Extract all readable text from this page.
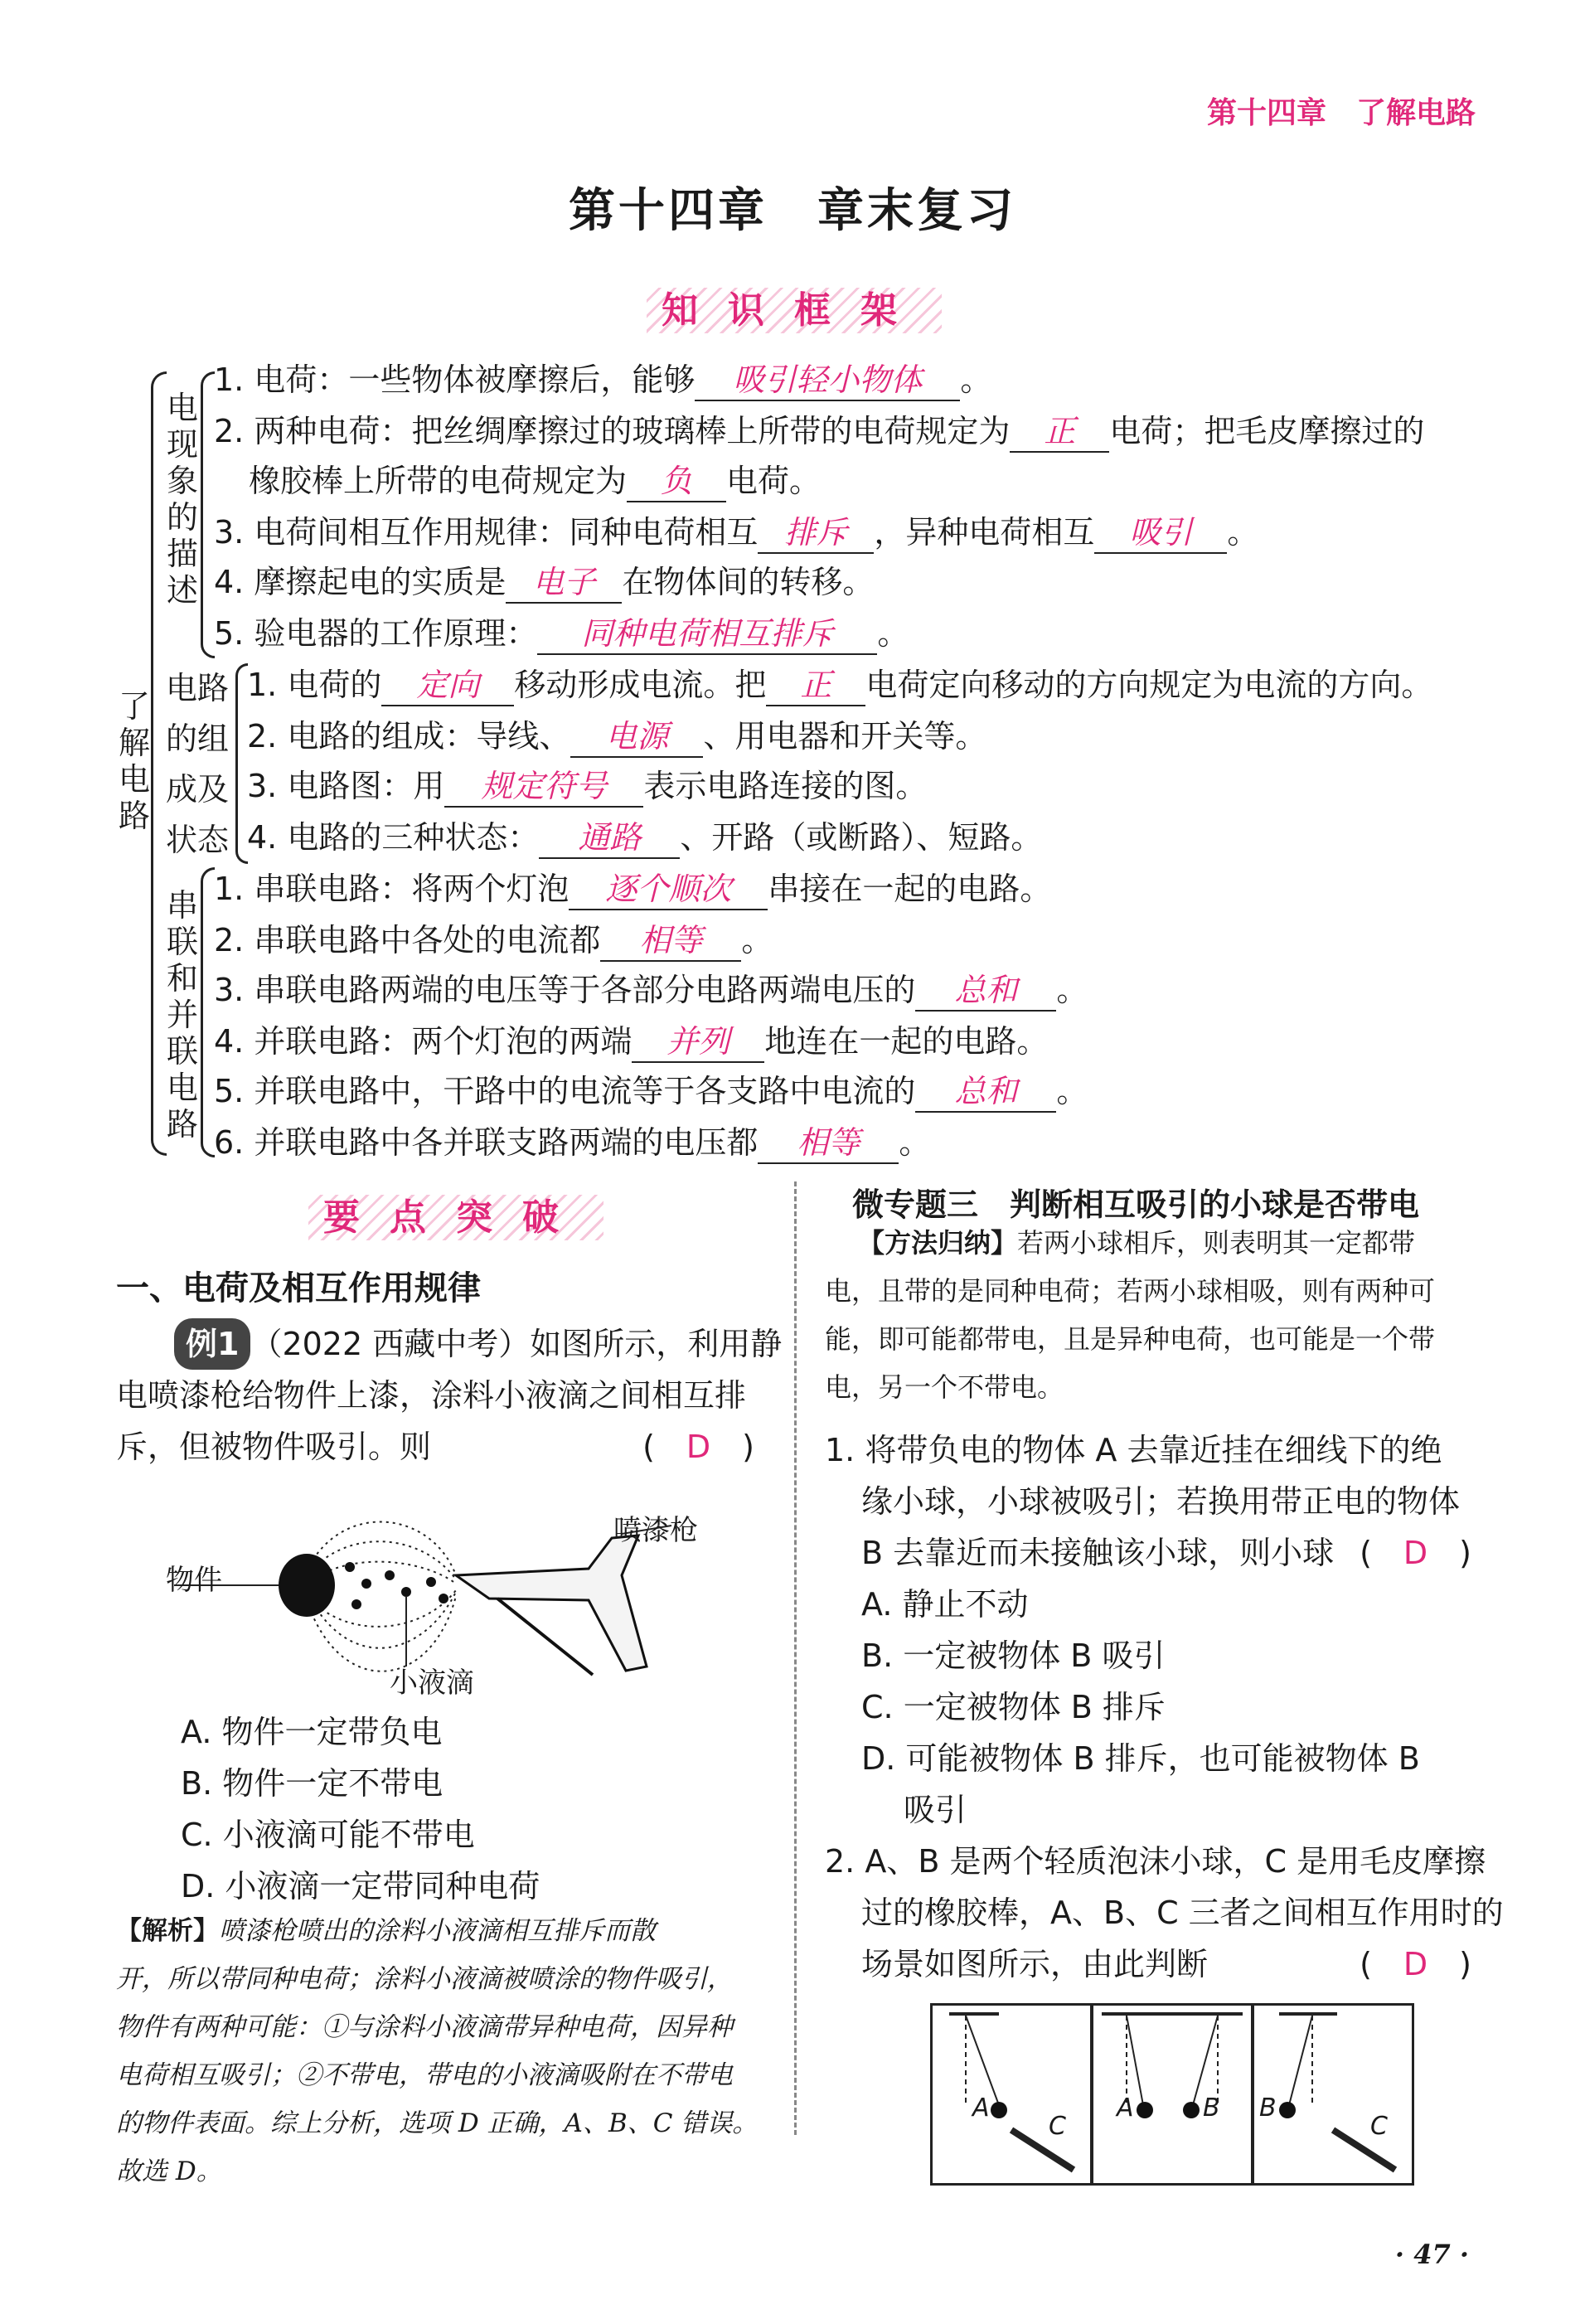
第十四章　了解电路
第十四章　章末复习
知识框架
了解电路
电现象的描述
电路的组成及状态
串联和并联电路
1. 电荷：一些物体被摩擦后，能够 吸引轻小物体 。
2. 两种电荷：把丝绸摩擦过的玻璃棒上所带的电荷规定为 正 电荷；把毛皮摩擦过的
橡胶棒上所带的电荷规定为 负 电荷。
3. 电荷间相互作用规律：同种电荷相互 排斥 ，异种电荷相互 吸引 。
4. 摩擦起电的实质是 电子 在物体间的转移。
5. 验电器的工作原理： 同种电荷相互排斥 。
1. 电荷的 定向 移动形成电流。把 正 电荷定向移动的方向规定为电流的方向。
2. 电路的组成：导线、 电源 、用电器和开关等。
3. 电路图：用 规定符号 表示电路连接的图。
4. 电路的三种状态： 通路 、开路（或断路）、短路。
1. 串联电路：将两个灯泡 逐个顺次 串接在一起的电路。
2. 串联电路中各处的电流都 相等 。
3. 串联电路两端的电压等于各部分电路两端电压的 总和 。
4. 并联电路：两个灯泡的两端 并列 地连在一起的电路。
5. 并联电路中，干路中的电流等于各支路中电流的 总和 。
6. 并联电路中各并联支路两端的电压都 相等 。
要点突破
一、电荷及相互作用规律
例1 （2022 西藏中考）如图所示，利用静
电喷漆枪给物件上漆，涂料小液滴之间相互排
斥，但被物件吸引。则	(　D　)
喷漆枪
物件
小液滴
A. 物件一定带负电
B. 物件一定不带电
C. 小液滴可能不带电
D. 小液滴一定带同种电荷
【解析】喷漆枪喷出的涂料小液滴相互排斥而散
开，所以带同种电荷；涂料小液滴被喷涂的物件吸引，
物件有两种可能：①与涂料小液滴带异种电荷，因异种
电荷相互吸引；②不带电，带电的小液滴吸附在不带电
的物件表面。综上分析，选项 D 正确，A、B、C 错误。
故选 D。
微专题三　判断相互吸引的小球是否带电
【方法归纳】若两小球相斥，则表明其一定都带
电，且带的是同种电荷；若两小球相吸，则有两种可
能，即可能都带电，且是异种电荷，也可能是一个带
电，另一个不带电。
1. 将带负电的物体 A 去靠近挂在细线下的绝
缘小球，小球被吸引；若换用带正电的物体
B 去靠近而未接触该小球，则小球 (　D　)
A. 静止不动
B. 一定被物体 B 吸引
C. 一定被物体 B 排斥
D. 可能被物体 B 排斥，也可能被物体 B
吸引
2. A、B 是两个轻质泡沫小球，C 是用毛皮摩擦
过的橡胶棒，A、B、C 三者之间相互作用时的
场景如图所示，由此判断	(　D　)
A
C
A	B B
C
· 47 ·
